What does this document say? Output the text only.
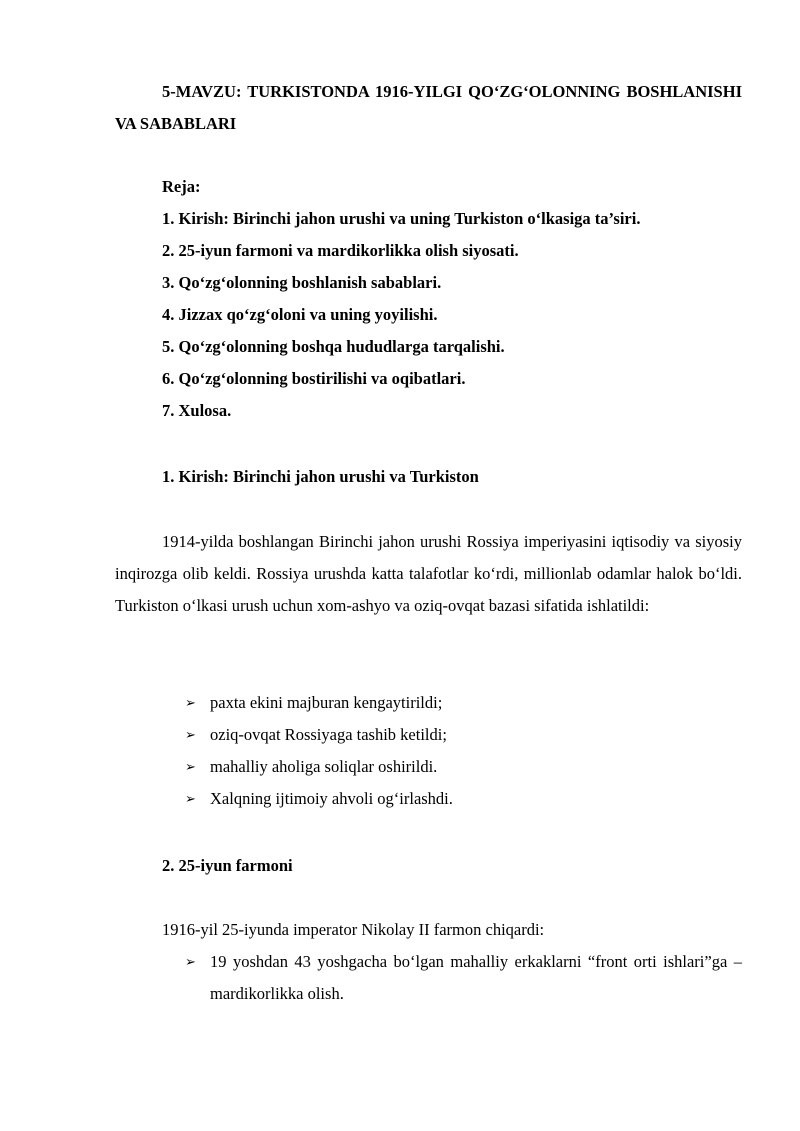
5-MAVZU: TURKISTONDA 1916-YILGI QO‘ZG‘OLONNING BOSHLANISHI VA SABABLARI

Reja:
1. Kirish: Birinchi jahon urushi va uning Turkiston o‘lkasiga ta’siri.
2. 25-iyun farmoni va mardikorlikka olish siyosati.
3. Qo‘zg‘olonning boshlanish sabablari.
4. Jizzax qo‘zg‘oloni va uning yoyilishi.
5. Qo‘zg‘olonning boshqa hududlarga tarqalishi.
6. Qo‘zg‘olonning bostirilishi va oqibatlari.
7. Xulosa.

1. Kirish: Birinchi jahon urushi va Turkiston

1914-yilda boshlangan Birinchi jahon urushi Rossiya imperiyasini iqtisodiy va siyosiy inqirozga olib keldi. Rossiya urushda katta talafotlar ko‘rdi, millionlab odamlar halok bo‘ldi. Turkiston o‘lkasi urush uchun xom-ashyo va oziq-ovqat bazasi sifatida ishlatildi:

➢ paxta ekini majburan kengaytirildi;
➢ oziq-ovqat Rossiyaga tashib ketildi;
➢ mahalliy aholiga soliqlar oshirildi.
➢ Xalqning ijtimoiy ahvoli og‘irlashdi.

2. 25-iyun farmoni

1916-yil 25-iyunda imperator Nikolay II farmon chiqardi:

➢ 19 yoshdan 43 yoshgacha bo‘lgan mahalliy erkaklarni “front orti ishlari”ga – mardikorlikka olish.
